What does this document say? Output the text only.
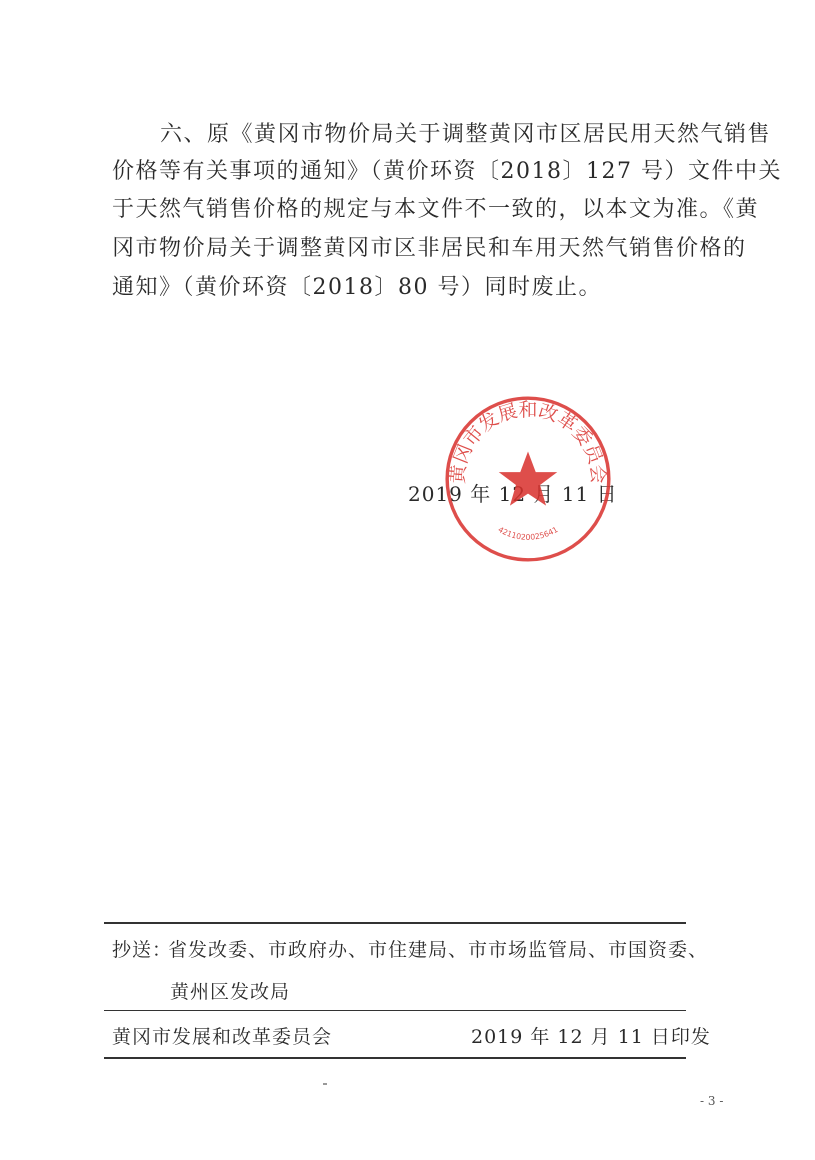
六、原《黄冈市物价局关于调整黄冈市区居民用天然气销售
价格等有关事项的通知》（黄价环资〔2018〕127 号）文件中关
于天然气销售价格的规定与本文件不一致的，以本文为准。《黄
冈市物价局关于调整黄冈市区非居民和车用天然气销售价格的
通知》（黄价环资〔2018〕80 号）同时废止。
2019 年 12 月 11 日
黄冈市发展和改革委员会
4211020025641
抄送：
省发改委、市政府办、市住建局、市市场监管局、市国资委、
黄州区发改局
黄冈市发展和改革委员会	2019 年 12 月 11 日印发
- 3 -
